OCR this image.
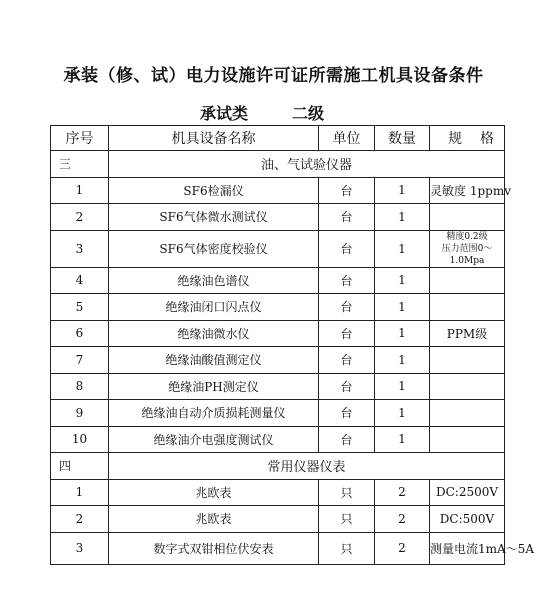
承装（修、试）电力设施许可证所需施工机具设备条件
承试类	二级
序号	机具设备名称	单位	数量	规格
三	油、气试验仪器			
1	SF6检漏仪	台	1	灵敏度 1ppmv
2	SF6气体微水测试仪	台	1	
3	SF6气体密度校验仪	台	1	精度0.2级
压力范围0～1.0Mpa

4	绝缘油色谱仪	台	1	
5	绝缘油闭口闪点仪	台	1	
6	绝缘油微水仪	台	1	PPM级
7	绝缘油酸值测定仪	台	1	
8	绝缘油PH测定仪	台	1	
9	绝缘油自动介质损耗测量仪	台	1	
10	绝缘油介电强度测试仪	台	1	
四	常用仪器仪表			
1	兆欧表	只	2	DC:2500V
2	兆欧表	只	2	DC:500V
3	数字式双钳相位伏安表	只	2	测量电流1mA～5A
